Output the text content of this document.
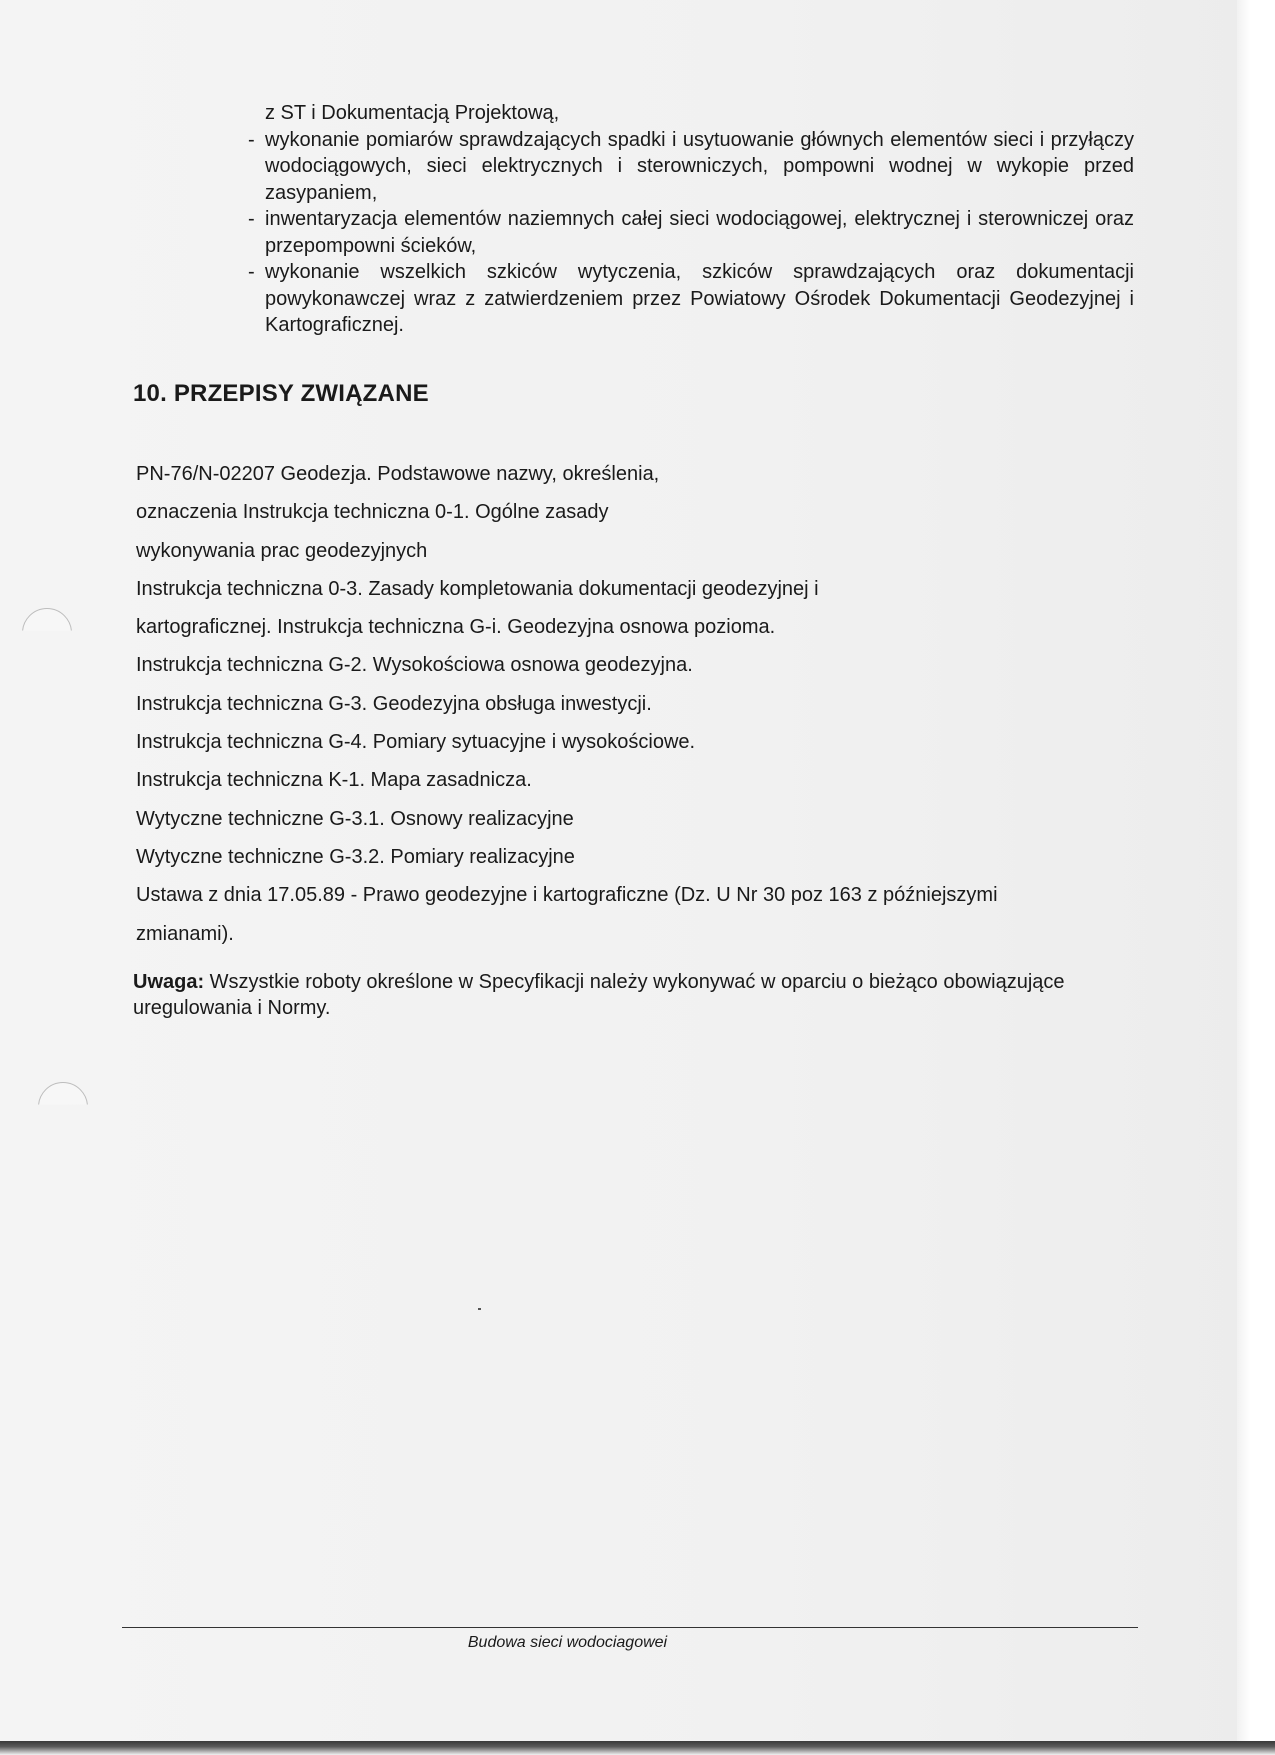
z ST i Dokumentacją Projektową,
- wykonanie pomiarów sprawdzających spadki i usytuowanie głównych elementów sieci i przyłączy wodociągowych, sieci elektrycznych i sterowniczych, pompowni wodnej w wykopie przed zasypaniem,
- inwentaryzacja elementów naziemnych całej sieci wodociągowej, elektrycznej i sterowniczej oraz przepompowni ścieków,
- wykonanie wszelkich szkiców wytyczenia, szkiców sprawdzających oraz dokumentacji powykonawczej wraz z zatwierdzeniem przez Powiatowy Ośrodek Dokumentacji Geodezyjnej i Kartograficznej.
10. PRZEPISY ZWIĄZANE
PN-76/N-02207 Geodezja. Podstawowe nazwy, określenia,
oznaczenia Instrukcja techniczna 0-1. Ogólne zasady
wykonywania prac geodezyjnych
Instrukcja techniczna 0-3. Zasady kompletowania dokumentacji geodezyjnej i
kartograficznej. Instrukcja techniczna G-i. Geodezyjna osnowa pozioma.
Instrukcja techniczna G-2. Wysokościowa osnowa geodezyjna.
Instrukcja techniczna G-3. Geodezyjna obsługa inwestycji.
Instrukcja techniczna G-4. Pomiary sytuacyjne i wysokościowe.
Instrukcja techniczna K-1. Mapa zasadnicza.
Wytyczne techniczne G-3.1. Osnowy realizacyjne
Wytyczne techniczne G-3.2. Pomiary realizacyjne
Ustawa z dnia 17.05.89 - Prawo geodezyjne i kartograficzne (Dz. U Nr 30 poz 163 z późniejszymi
zmianami).

Uwaga: Wszystkie roboty określone w Specyfikacji należy wykonywać w oparciu o bieżąco obowiązujące uregulowania i Normy.

Budowa sieci wodociagowei
